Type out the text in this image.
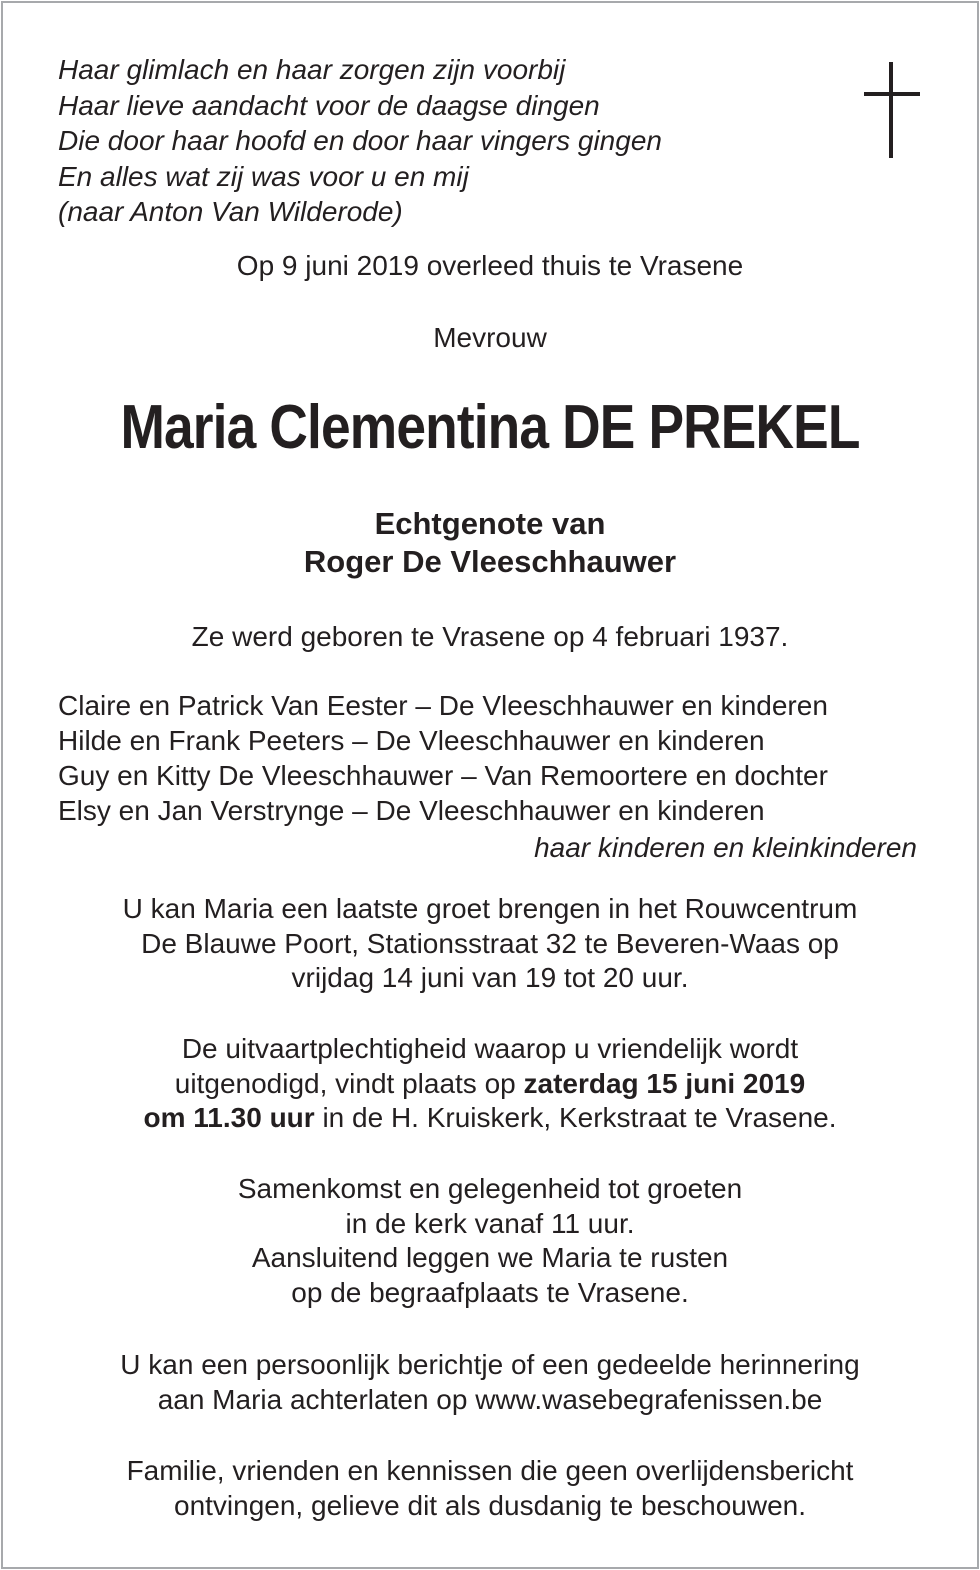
Haar glimlach en haar zorgen zijn voorbij
Haar lieve aandacht voor de daagse dingen
Die door haar hoofd en door haar vingers gingen
En alles wat zij was voor u en mij
(naar Anton Van Wilderode)
Op 9 juni 2019 overleed thuis te Vrasene
Mevrouw
Maria Clementina DE PREKEL
Echtgenote van
Roger De Vleeschhauwer
Ze werd geboren te Vrasene op 4 februari 1937.
Claire en Patrick Van Eester – De Vleeschhauwer en kinderen
Hilde en Frank Peeters – De Vleeschhauwer en kinderen
Guy en Kitty De Vleeschhauwer – Van Remoortere en dochter
Elsy en Jan Verstrynge – De Vleeschhauwer en kinderen
haar kinderen en kleinkinderen
U kan Maria een laatste groet brengen in het Rouwcentrum
De Blauwe Poort, Stationsstraat 32 te Beveren-Waas op
vrijdag 14 juni van 19 tot 20 uur.
De uitvaartplechtigheid waarop u vriendelijk wordt
uitgenodigd, vindt plaats op zaterdag 15 juni 2019
om 11.30 uur in de H. Kruiskerk, Kerkstraat te Vrasene.
Samenkomst en gelegenheid tot groeten
in de kerk vanaf 11 uur.
Aansluitend leggen we Maria te rusten
op de begraafplaats te Vrasene.
U kan een persoonlijk berichtje of een gedeelde herinnering
aan Maria achterlaten op www.wasebegrafenissen.be
Familie, vrienden en kennissen die geen overlijdensbericht
ontvingen, gelieve dit als dusdanig te beschouwen.
